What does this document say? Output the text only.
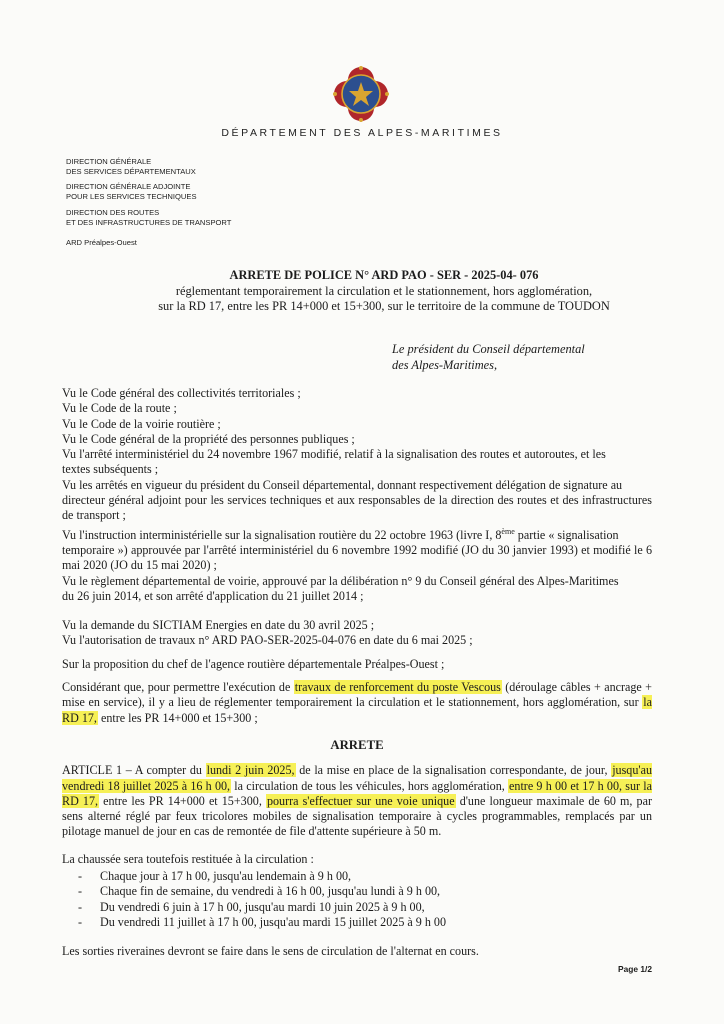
DÉPARTEMENT DES ALPES-MARITIMES
DIRECTION GÉNÉRALE
DES SERVICES DÉPARTEMENTAUX
DIRECTION GÉNÉRALE ADJOINTE
POUR LES SERVICES TECHNIQUES
DIRECTION DES ROUTES
ET DES INFRASTRUCTURES DE TRANSPORT
ARD Préalpes-Ouest
ARRETE DE POLICE N° ARD PAO - SER - 2025-04- 076
réglementant temporairement la circulation et le stationnement, hors agglomération,
sur la RD 17, entre les PR 14+000 et 15+300, sur le territoire de la commune de TOUDON
Le président du Conseil départemental
des Alpes-Maritimes,

Vu le Code général des collectivités territoriales ;

Vu le Code de la route ;

Vu le Code de la voirie routière ;

Vu le Code général de la propriété des personnes publiques ;

Vu l'arrêté interministériel du 24 novembre 1967 modifié, relatif à la signalisation des routes et autoroutes, et les
textes subséquents ;

Vu les arrêtés en vigueur du président du Conseil départemental, donnant respectivement délégation de signature au
directeur général adjoint pour les services techniques et aux responsables de la direction des routes et des infrastructures de transport ;

Vu l'instruction interministérielle sur la signalisation routière du 22 octobre 1963 (livre I, 8ème partie « signalisation
temporaire ») approuvée par l'arrêté interministériel du 6 novembre 1992 modifié (JO du 30 janvier 1993) et modifié le 6 mai 2020 (JO du 15 mai 2020) ;

Vu le règlement départemental de voirie, approuvé par la délibération n° 9 du Conseil général des Alpes-Maritimes
du 26 juin 2014, et son arrêté d'application du 21 juillet 2014 ;

Vu la demande du SICTIAM Energies en date du 30 avril 2025 ;

Vu l'autorisation de travaux n° ARD PAO-SER-2025-04-076 en date du 6 mai 2025 ;

Sur la proposition du chef de l'agence routière départementale Préalpes-Ouest ;

Considérant que, pour permettre l'exécution de travaux de renforcement du poste Vescous (déroulage câbles + ancrage + mise en service), il y a lieu de réglementer temporairement la circulation et le stationnement, hors agglomération, sur la RD 17, entre les PR 14+000 et 15+300 ;

ARRETE

ARTICLE 1 – A compter du lundi 2 juin 2025, de la mise en place de la signalisation correspondante, de jour, jusqu'au vendredi 18 juillet 2025 à 16 h 00, la circulation de tous les véhicules, hors agglomération, entre 9 h 00 et 17 h 00, sur la RD 17, entre les PR 14+000 et 15+300, pourra s'effectuer sur une voie unique d'une longueur maximale de 60 m, par sens alterné réglé par feux tricolores mobiles de signalisation temporaire à cycles programmables, remplacés par un pilotage manuel de jour en cas de remontée de file d'attente supérieure à 50 m.

La chaussée sera toutefois restituée à la circulation :

- Chaque jour à 17 h 00, jusqu'au lendemain à 9 h 00,
- Chaque fin de semaine, du vendredi à 16 h 00, jusqu'au lundi à 9 h 00,
- Du vendredi 6 juin à 17 h 00, jusqu'au mardi 10 juin 2025 à 9 h 00,
- Du vendredi 11 juillet à 17 h 00, jusqu'au mardi 15 juillet 2025 à 9 h 00

Les sorties riveraines devront se faire dans le sens de circulation de l'alternat en cours.

Page 1/2
